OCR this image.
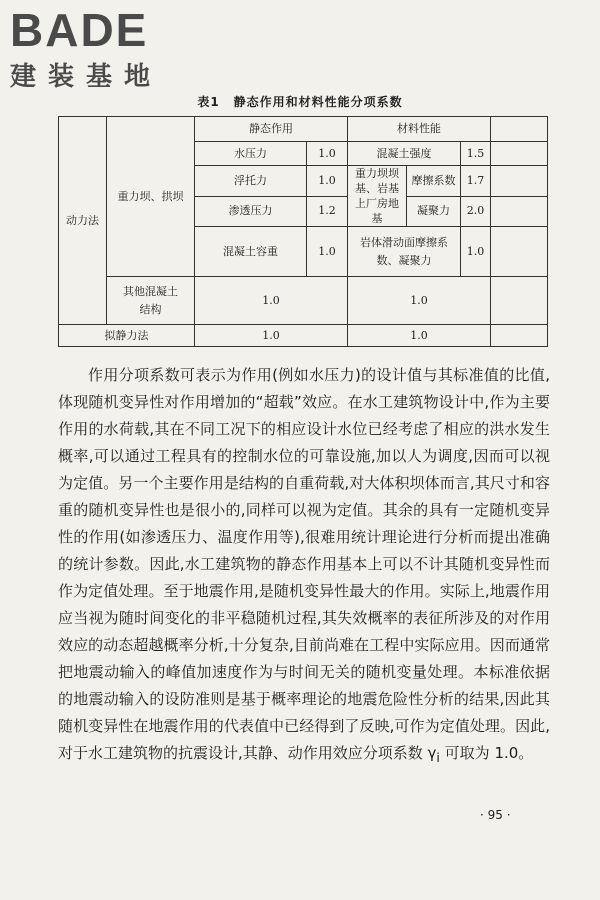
BADE
建装基地
表1 静态作用和材料性能分项系数
动力法	重力坝、拱坝	静态作用		材料性能			
		水压力	1.0	混凝土强度		1.5	
		浮托力	1.0	重力坝坝基、岩基上厂房地基	摩擦系数	1.7	
		渗透压力	1.2		凝聚力	2.0	
		混凝土容重	1.0	岩体滑动面摩擦系数、凝聚力		1.0	
	其他混凝土结构	1.0		1.0			
拟静力法		1.0		1.0			

作用分项系数可表示为作用(例如水压力)的设计值与其标准值的比值,体现随机变异性对作用增加的“超载”效应。在水工建筑物设计中,作为主要作用的水荷载,其在不同工况下的相应设计水位已经考虑了相应的洪水发生概率,可以通过工程具有的控制水位的可靠设施,加以人为调度,因而可以视为定值。另一个主要作用是结构的自重荷载,对大体积坝体而言,其尺寸和容重的随机变异性也是很小的,同样可以视为定值。其余的具有一定随机变异性的作用(如渗透压力、温度作用等),很难用统计理论进行分析而提出准确的统计参数。因此,水工建筑物的静态作用基本上可以不计其随机变异性而作为定值处理。至于地震作用,是随机变异性最大的作用。实际上,地震作用应当视为随时间变化的非平稳随机过程,其失效概率的表征所涉及的对作用效应的动态超越概率分析,十分复杂,目前尚难在工程中实际应用。因而通常把地震动输入的峰值加速度作为与时间无关的随机变量处理。本标准依据的地震动输入的设防准则是基于概率理论的地震危险性分析的结果,因此其随机变异性在地震作用的代表值中已经得到了反映,可作为定值处理。因此,对于水工建筑物的抗震设计,其静、动作用效应分项系数 $\gamma_i$ 可取为 1.0。

· 95 ·
